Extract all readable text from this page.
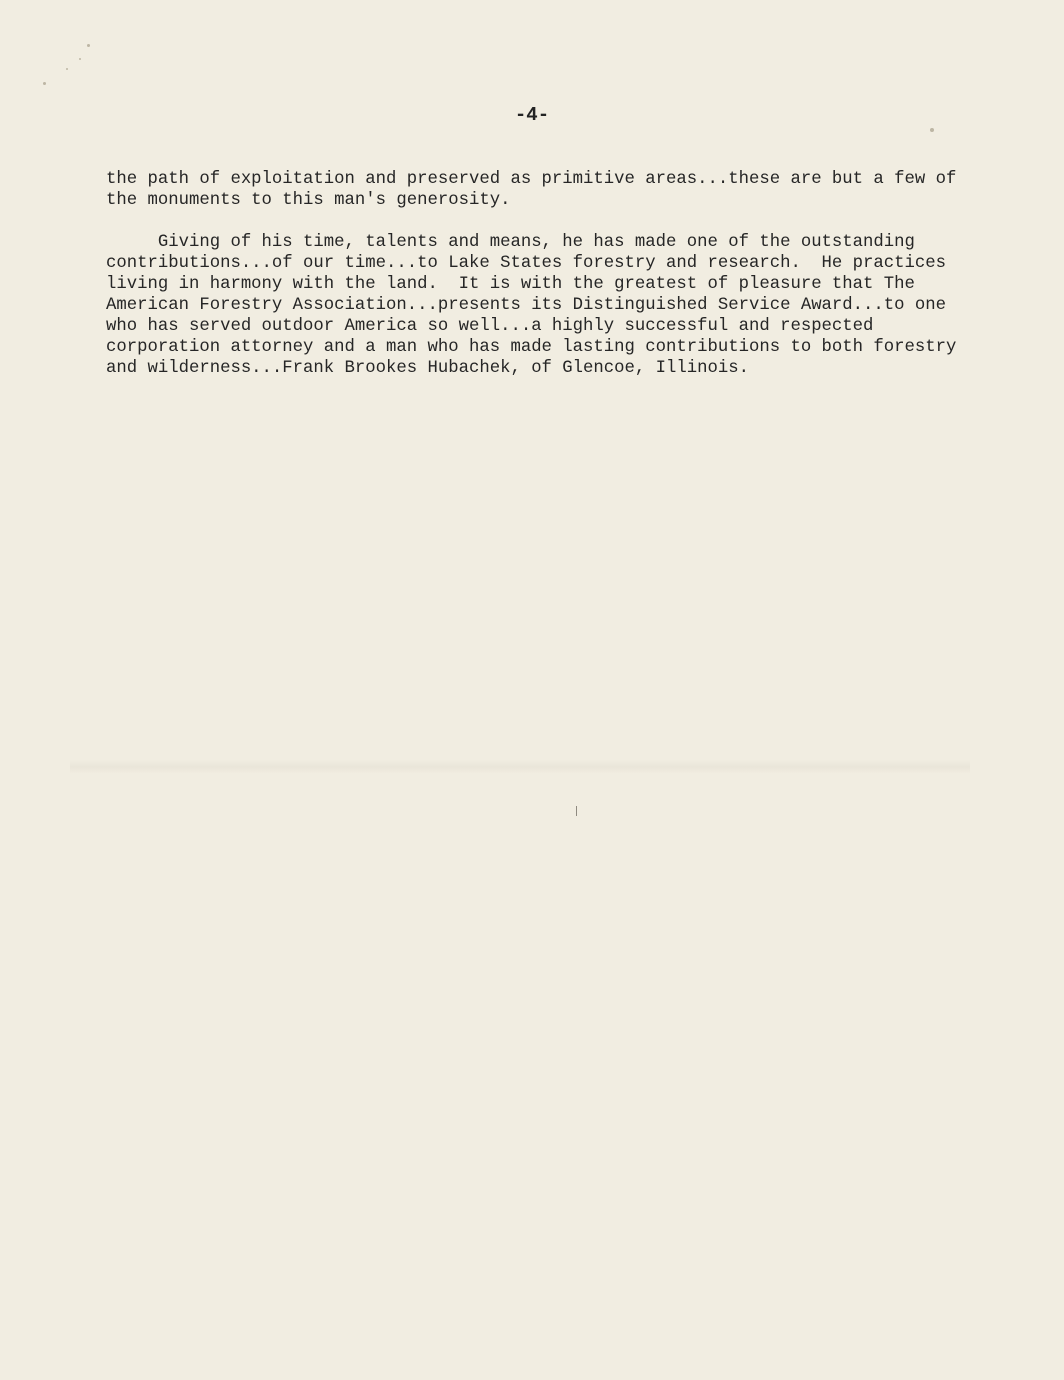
-4-
the path of exploitation and preserved as primitive areas...these are but a few of
the monuments to this man's generosity.
Giving of his time, talents and means, he has made one of the outstanding
contributions...of our time...to Lake States forestry and research.  He practices
living in harmony with the land.  It is with the greatest of pleasure that The
American Forestry Association...presents its Distinguished Service Award...to one
who has served outdoor America so well...a highly successful and respected
corporation attorney and a man who has made lasting contributions to both forestry
and wilderness...Frank Brookes Hubachek, of Glencoe, Illinois.
